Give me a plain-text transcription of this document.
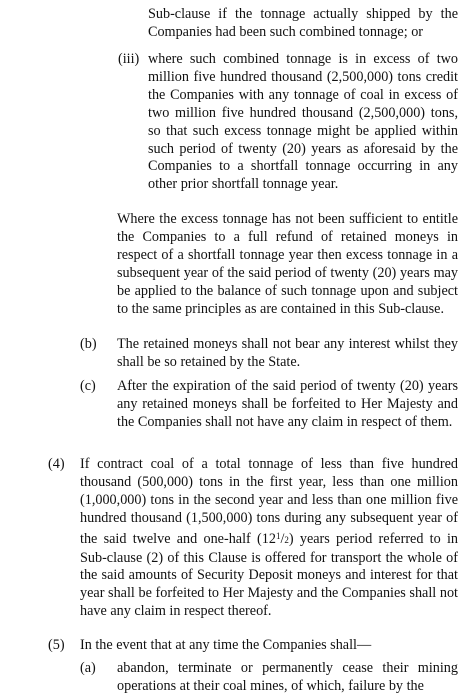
Sub-clause if the tonnage actually shipped by the Companies had been such combined tonnage; or
(iii) where such combined tonnage is in excess of two million five hundred thousand (2,500,000) tons credit the Companies with any tonnage of coal in excess of two million five hundred thousand (2,500,000) tons, so that such excess tonnage might be applied within such period of twenty (20) years as aforesaid by the Companies to a shortfall tonnage occurring in any other prior shortfall tonnage year.
Where the excess tonnage has not been sufficient to entitle the Companies to a full refund of retained moneys in respect of a shortfall tonnage year then excess tonnage in a subsequent year of the said period of twenty (20) years may be applied to the balance of such tonnage upon and subject to the same principles as are contained in this Sub-clause.
(b) The retained moneys shall not bear any interest whilst they shall be so retained by the State.
(c) After the expiration of the said period of twenty (20) years any retained moneys shall be forfeited to Her Majesty and the Companies shall not have any claim in respect of them.
(4) If contract coal of a total tonnage of less than five hundred thousand (500,000) tons in the first year, less than one million (1,000,000) tons in the second year and less than one million five hundred thousand (1,500,000) tons during any subsequent year of the said twelve and one-half $(12^1/2)$ years period referred to in Sub-clause (2) of this Clause is offered for transport the whole of the said amounts of Security Deposit moneys and interest for that year shall be forfeited to Her Majesty and the Companies shall not have any claim in respect thereof.
(5) In the event that at any time the Companies shall—
(a) abandon, terminate or permanently cease their mining operations at their coal mines, of which, failure by the
